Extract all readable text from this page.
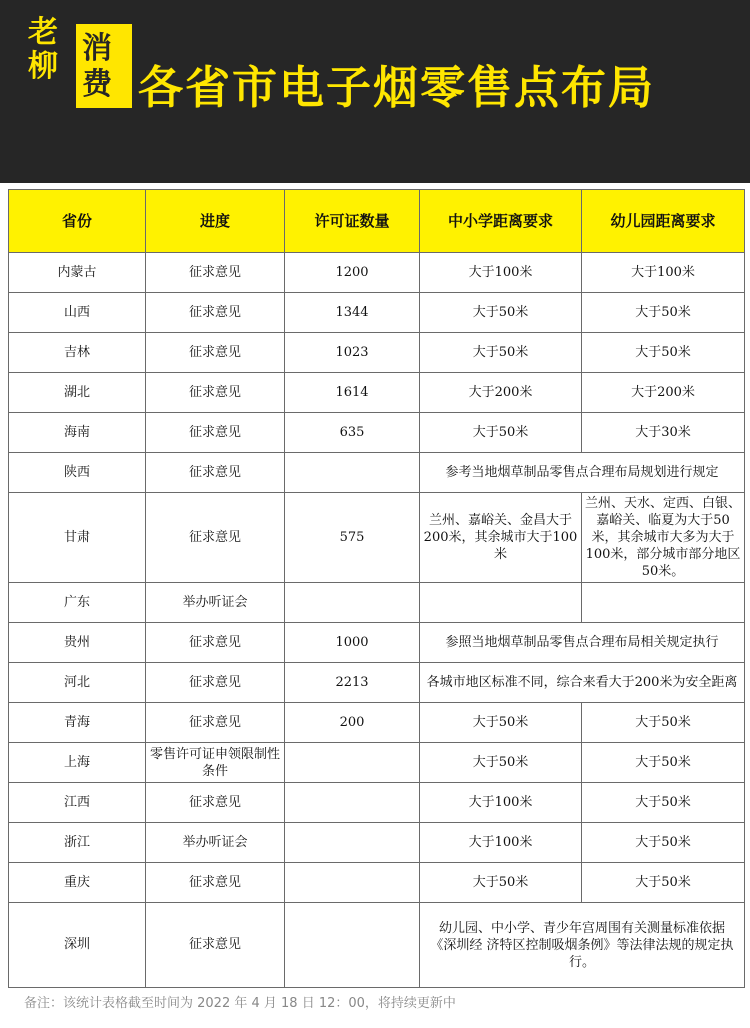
老
柳
消
费 各省市电子烟零售点布局
省份	进度	许可证数量	中小学距离要求	幼儿园距离要求
内蒙古	征求意见	1200	大于100米	大于100米
山西	征求意见	1344	大于50米	大于50米
吉林	征求意见	1023	大于50米	大于50米
湖北	征求意见	1614	大于200米	大于200米
海南	征求意见	635	大于50米	大于30米
陕西	征求意见		参考当地烟草制品零售点合理布局规划进行规定	
甘肃	征求意见	575	兰州、嘉峪关、金昌大于200米，其余城市大于100米	兰州、天水、定西、白银、嘉峪关、临夏为大于50米，其余城市大多为大于100米，部分城市部分地区50米。
广东	举办听证会			
贵州	征求意见	1000	参照当地烟草制品零售点合理布局相关规定执行	
河北	征求意见	2213	各城市地区标准不同，综合来看大于200米为安全距离	
青海	征求意见	200	大于50米	大于50米
上海	零售许可证申领限制性条件		大于50米	大于50米
江西	征求意见		大于100米	大于50米
浙江	举办听证会		大于100米	大于50米
重庆	征求意见		大于50米	大于50米
深圳	征求意见		幼儿园、中小学、青少年宫周围有关测量标准依据《深圳经 济特区控制吸烟条例》等法律法规的规定执行。	
备注：该统计表格截至时间为 2022 年 4 月 18 日 12：00，将持续更新中
